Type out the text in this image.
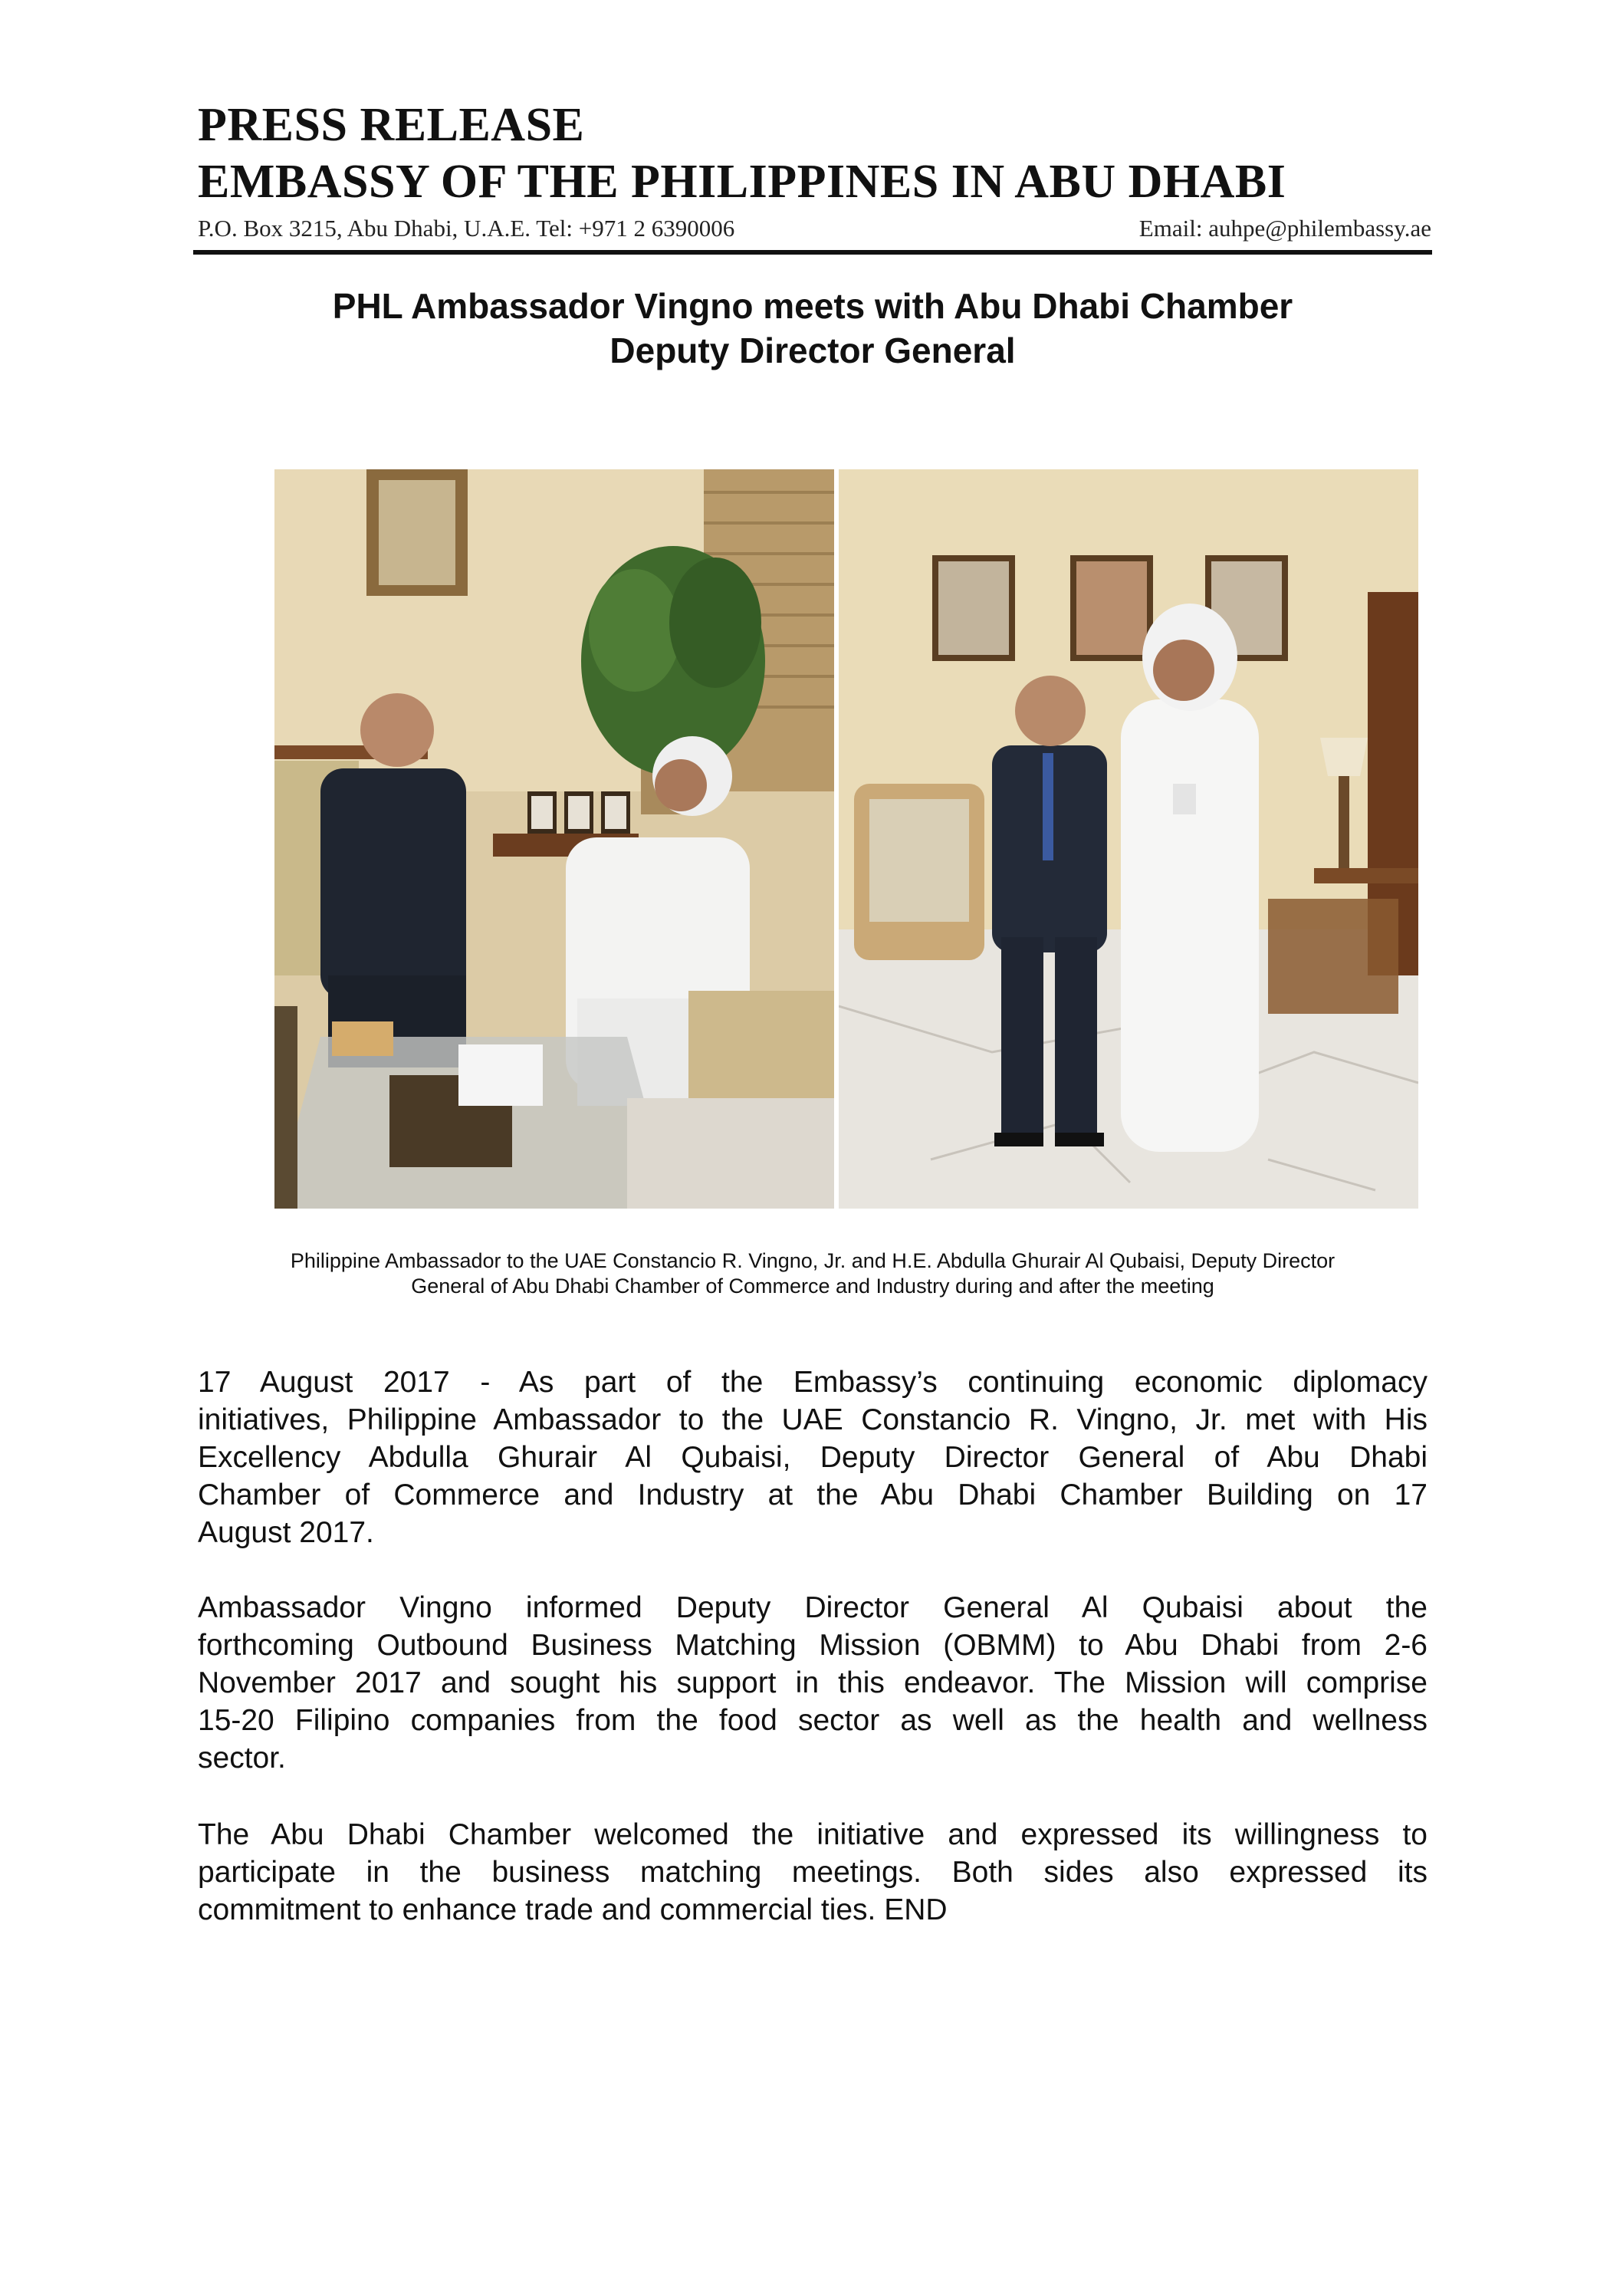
PRESS RELEASE
EMBASSY OF THE PHILIPPINES IN ABU DHABI
P.O. Box 3215, Abu Dhabi, U.A.E. Tel: +971 2 6390006	Email: auhpe@philembassy.ae
PHL Ambassador Vingno meets with Abu Dhabi Chamber
Deputy Director General
Philippine Ambassador to the UAE Constancio R. Vingno, Jr. and H.E. Abdulla Ghurair Al Qubaisi, Deputy Director
General of Abu Dhabi Chamber of Commerce and Industry during and after the meeting
17 August 2017 - As part of the Embassy’s continuing economic diplomacy
initiatives, Philippine Ambassador to the UAE Constancio R. Vingno, Jr. met with His
Excellency Abdulla Ghurair Al Qubaisi, Deputy Director General of Abu Dhabi
Chamber of Commerce and Industry at the Abu Dhabi Chamber Building on 17
August 2017.
Ambassador Vingno informed Deputy Director General Al Qubaisi about the
forthcoming Outbound Business Matching Mission (OBMM) to Abu Dhabi from 2-6
November 2017 and sought his support in this endeavor. The Mission will comprise
15-20 Filipino companies from the food sector as well as the health and wellness
sector.
The Abu Dhabi Chamber welcomed the initiative and expressed its willingness to
participate in the business matching meetings. Both sides also expressed its
commitment to enhance trade and commercial ties. END
